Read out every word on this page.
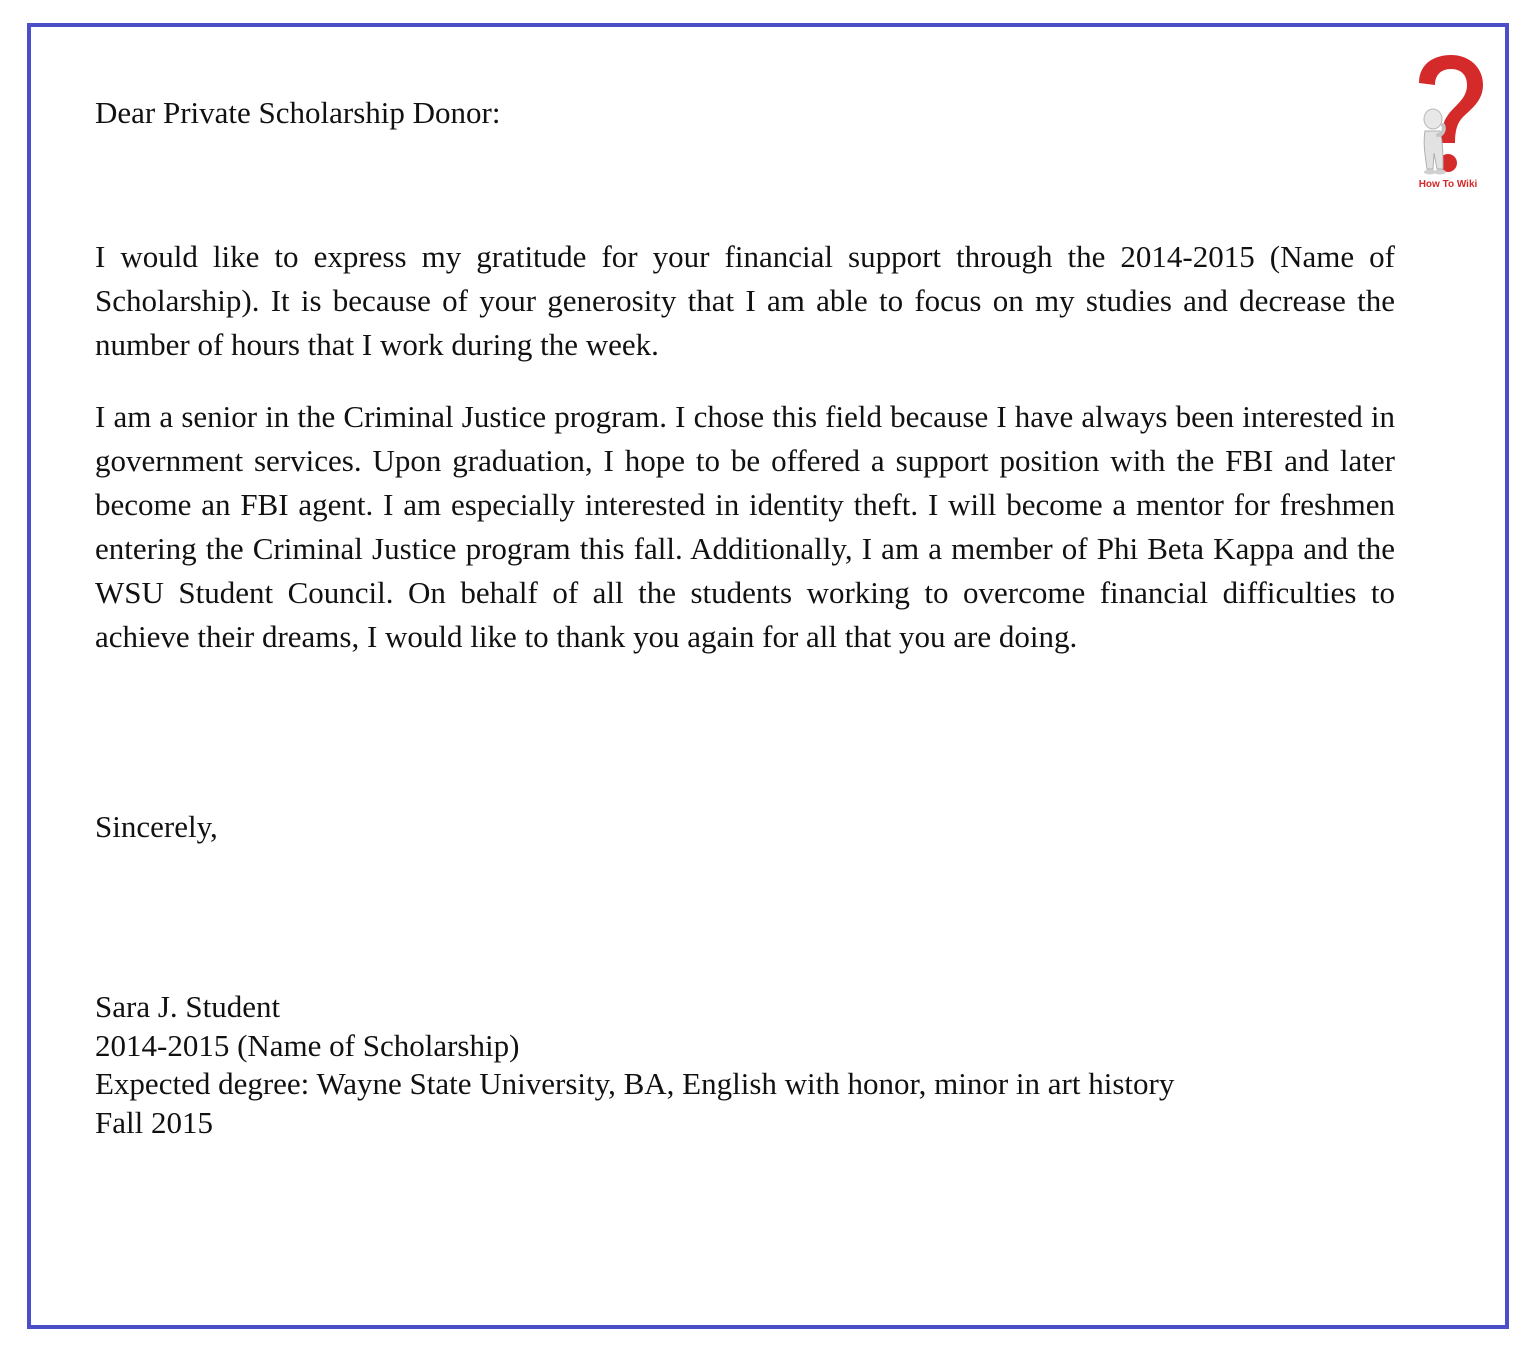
Dear Private Scholarship Donor:

I would like to express my gratitude for your financial support through the 2014-2015 (Name of Scholarship). It is because of your generosity that I am able to focus on my studies and decrease the number of hours that I work during the week.

I am a senior in the Criminal Justice program. I chose this field because I have always been interested in government services. Upon graduation, I hope to be offered a support position with the FBI and later become an FBI agent. I am especially interested in identity theft. I will become a mentor for freshmen entering the Criminal Justice program this fall. Additionally, I am a member of Phi Beta Kappa and the WSU Student Council. On behalf of all the students working to overcome financial difficulties to achieve their dreams, I would like to thank you again for all that you are doing.

Sincerely,

Sara J. Student
2014-2015 (Name of Scholarship)
Expected degree: Wayne State University, BA, English with honor, minor in art history
Fall 2015
How To Wiki
